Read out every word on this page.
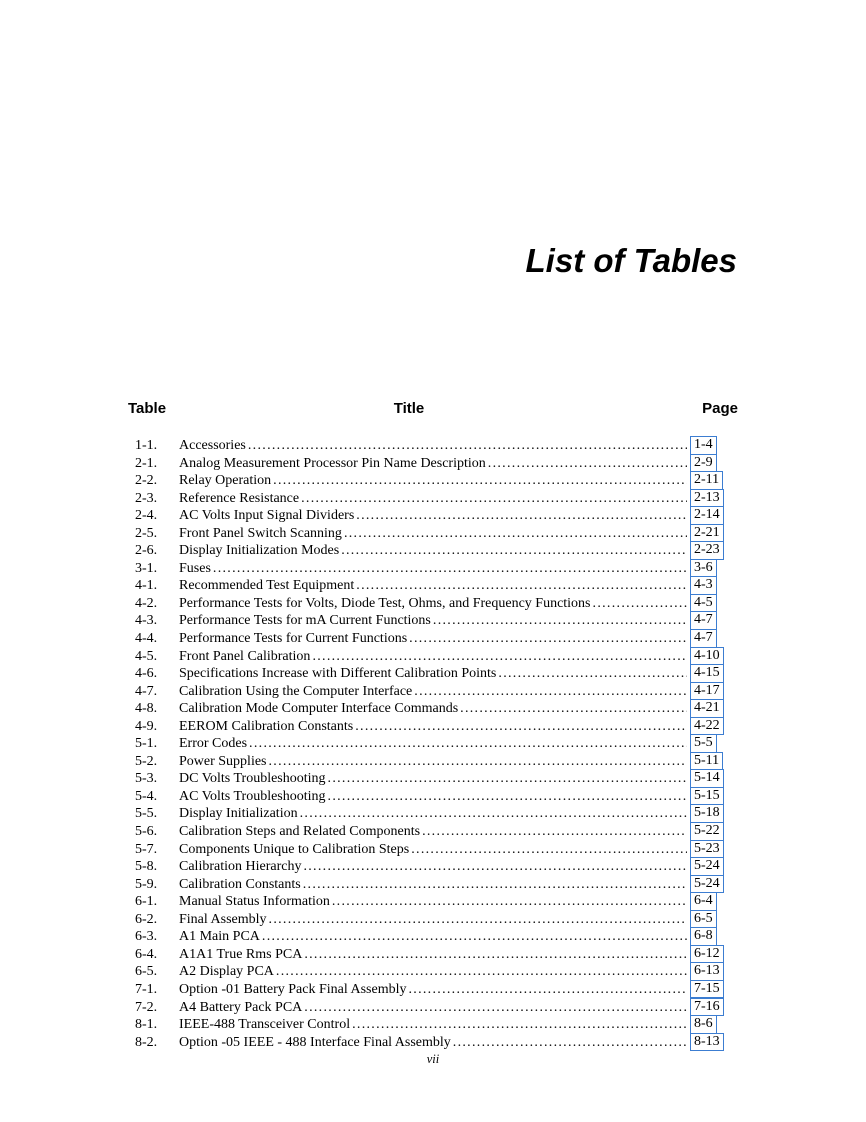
List of Tables
Table	Title	Page
1-1.	Accessories .....	1-4
2-1.	Analog Measurement Processor Pin Name Description .....	2-9
2-2.	Relay Operation .....	2-11
2-3.	Reference Resistance .....	2-13
2-4.	AC Volts Input Signal Dividers .....	2-14
2-5.	Front Panel Switch Scanning .....	2-21
2-6.	Display Initialization Modes .....	2-23
3-1.	Fuses .....	3-6
4-1.	Recommended Test Equipment .....	4-3
4-2.	Performance Tests for Volts, Diode Test, Ohms, and Frequency Functions .....	4-5
4-3.	Performance Tests for mA Current Functions .....	4-7
4-4.	Performance Tests for Current Functions .....	4-7
4-5.	Front Panel Calibration .....	4-10
4-6.	Specifications Increase with Different Calibration Points .....	4-15
4-7.	Calibration Using the Computer Interface .....	4-17
4-8.	Calibration Mode Computer Interface Commands .....	4-21
4-9.	EEROM Calibration Constants .....	4-22
5-1.	Error Codes .....	5-5
5-2.	Power Supplies .....	5-11
5-3.	DC Volts Troubleshooting .....	5-14
5-4.	AC Volts Troubleshooting .....	5-15
5-5.	Display Initialization .....	5-18
5-6.	Calibration Steps and Related Components .....	5-22
5-7.	Components Unique to Calibration Steps .....	5-23
5-8.	Calibration Hierarchy .....	5-24
5-9.	Calibration Constants .....	5-24
6-1.	Manual Status Information .....	6-4
6-2.	Final Assembly .....	6-5
6-3.	A1 Main PCA .....	6-8
6-4.	A1A1 True Rms PCA .....	6-12
6-5.	A2 Display PCA .....	6-13
7-1.	Option -01 Battery Pack Final Assembly .....	7-15
7-2.	A4 Battery Pack PCA .....	7-16
8-1.	IEEE-488 Transceiver Control .....	8-6
8-2.	Option -05 IEEE - 488 Interface Final Assembly .....	8-13
vii
